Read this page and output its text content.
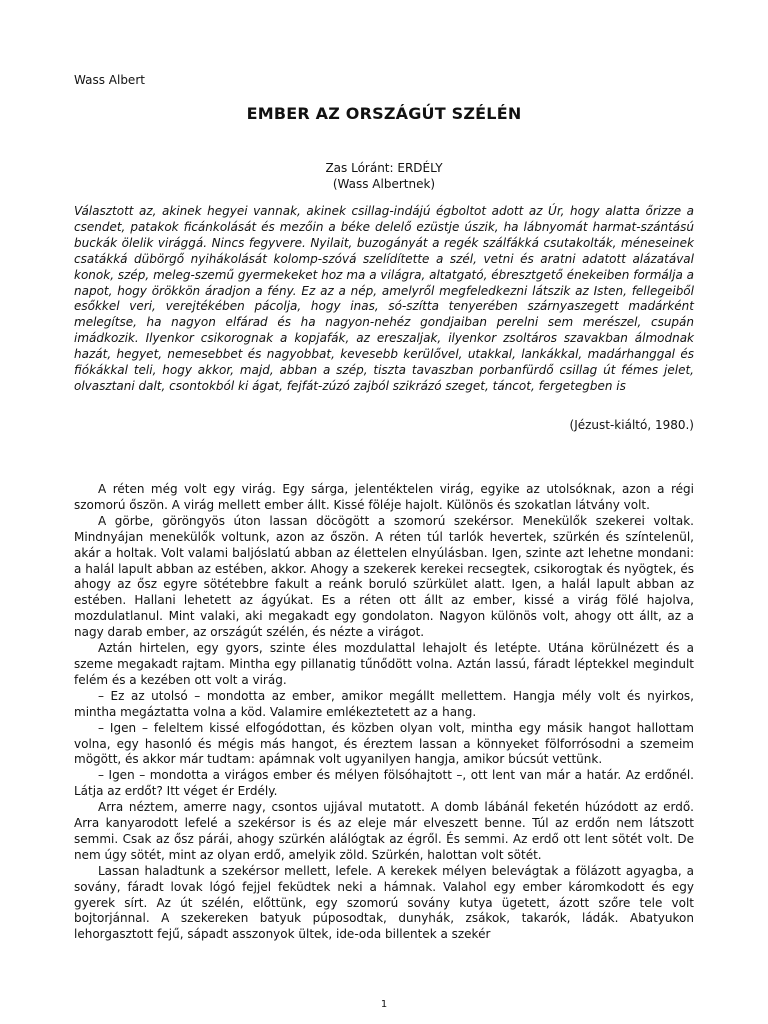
Wass Albert
EMBER AZ ORSZÁGÚT SZÉLÉN
Zas Lóránt: ERDÉLY
(Wass Albertnek)

Választott az, akinek hegyei vannak, akinek csillag-indájú égboltot adott az Úr, hogy alatta őrizze a csendet, patakok ficánkolását és mezőin a béke delelő ezüstje úszik, ha lábnyomát harmat-szántású buckák ölelik virággá. Nincs fegyvere. Nyilait, buzogányát a regék szálfákká csutakolták, méneseinek csatákká dübörgő nyihákolását kolomp-szóvá szelídítette a szél, vetni és aratni adatott alázatával konok, szép, meleg-szemű gyermekeket hoz ma a világra, altatgató, ébresztgető énekeiben formálja a napot, hogy örökkön áradjon a fény. Ez az a nép, amelyről megfeledkezni látszik az Isten, fellegeiből esőkkel veri, verejtékében pácolja, hogy inas, só-szítta tenyerében szárnyaszegett madárként melegítse, ha nagyon elfárad és ha nagyon-nehéz gondjaiban perelni sem merészel, csupán imádkozik. Ilyenkor csikorognak a kopjafák, az ereszaljak, ilyenkor zsoltáros szavakban álmodnak hazát, hegyet, nemesebbet és nagyobbat, kevesebb kerülővel, utakkal, lankákkal, madárhanggal és fiókákkal teli, hogy akkor, majd, abban a szép, tiszta tavaszban porbanfürdő csillag út fémes jelet, olvasztani dalt, csontokból ki ágat, fejfát-zúzó zajból szikrázó szeget, táncot, fergetegben is

(Jézust-kiáltó, 1980.)

A réten még volt egy virág. Egy sárga, jelentéktelen virág, egyike az utolsóknak, azon a régi szomorú őszön. A virág mellett ember állt. Kissé föléje hajolt. Különös és szokatlan látvány volt.

A görbe, göröngyös úton lassan döcögött a szomorú szekérsor. Menekülők szekerei voltak. Mindnyájan menekülők voltunk, azon az őszön. A réten túl tarlók hevertek, szürkén és színtelenül, akár a holtak. Volt valami baljóslatú abban az élettelen elnyúlásban. Igen, szinte azt lehetne mondani: a halál lapult abban az estében, akkor. Ahogy a szekerek kerekei recsegtek, csikorogtak és nyögtek, és ahogy az ősz egyre sötétebbre fakult a reánk boruló szürkület alatt. Igen, a halál lapult abban az estében. Hallani lehetett az ágyúkat. Es a réten ott állt az ember, kissé a virág fölé hajolva, mozdulatlanul. Mint valaki, aki megakadt egy gondolaton. Nagyon különös volt, ahogy ott állt, az a nagy darab ember, az országút szélén, és nézte a virágot.

Aztán hirtelen, egy gyors, szinte éles mozdulattal lehajolt és letépte. Utána körülnézett és a szeme megakadt rajtam. Mintha egy pillanatig tűnődött volna. Aztán lassú, fáradt léptekkel megindult felém és a kezében ott volt a virág.

– Ez az utolsó – mondotta az ember, amikor megállt mellettem. Hangja mély volt és nyirkos, mintha megáztatta volna a köd. Valamire emlékeztetett az a hang.

– Igen – feleltem kissé elfogódottan, és közben olyan volt, mintha egy másik hangot hallottam volna, egy hasonló és mégis más hangot, és éreztem lassan a könnyeket fölforrósodni a szemeim mögött, és akkor már tudtam: apámnak volt ugyanilyen hangja, amikor búcsút vettünk.

– Igen – mondotta a virágos ember és mélyen fölsóhajtott –, ott lent van már a határ. Az erdőnél. Látja az erdőt? Itt véget ér Erdély.

Arra néztem, amerre nagy, csontos ujjával mutatott. A domb lábánál feketén húzódott az erdő. Arra kanyarodott lefelé a szekérsor is és az eleje már elveszett benne. Túl az erdőn nem látszott semmi. Csak az ősz párái, ahogy szürkén alálógtak az égről. És semmi. Az erdő ott lent sötét volt. De nem úgy sötét, mint az olyan erdő, amelyik zöld. Szürkén, halottan volt sötét.

Lassan haladtunk a szekérsor mellett, lefele. A kerekek mélyen belevágtak a fölázott agyagba, a sovány, fáradt lovak lógó fejjel feküdtek neki a hámnak. Valahol egy ember káromkodott és egy gyerek sírt. Az út szélén, előttünk, egy szomorú sovány kutya ügetett, ázott szőre tele volt bojtorjánnal. A szekereken batyuk púposodtak, dunyhák, zsákok, takarók, ládák. Abatyukon lehorgasztott fejű, sápadt asszonyok ültek, ide-oda billentek a szekér

1
